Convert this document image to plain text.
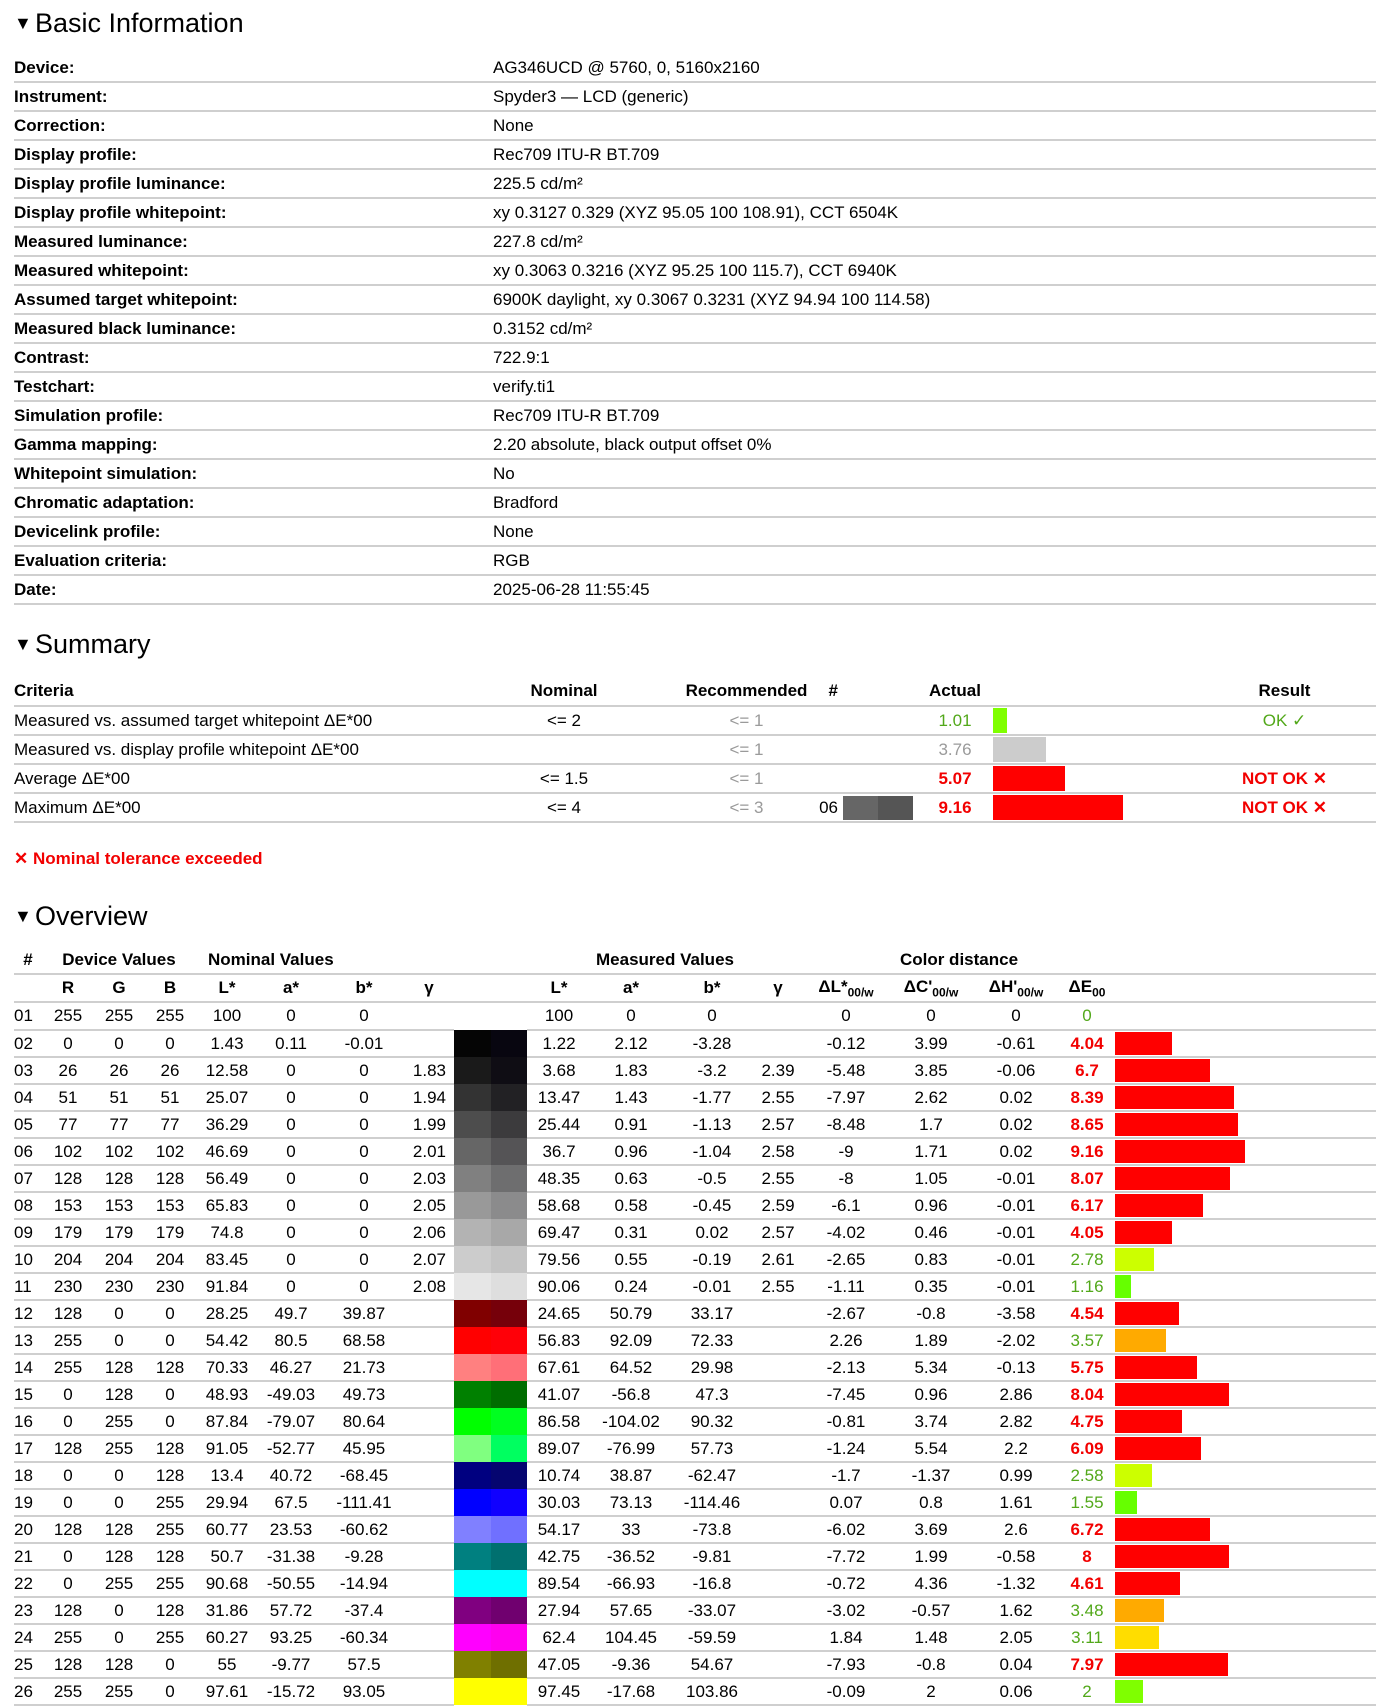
▼ Basic Information
Device:	AG346UCD @ 5760, 0, 5160x2160
Instrument:	Spyder3 — LCD (generic)
Correction:	None
Display profile:	Rec709 ITU-R BT.709
Display profile luminance:	225.5 cd/m²
Display profile whitepoint:	xy 0.3127 0.329 (XYZ 95.05 100 108.91), CCT 6504K
Measured luminance:	227.8 cd/m²
Measured whitepoint:	xy 0.3063 0.3216 (XYZ 95.25 100 115.7), CCT 6940K
Assumed target whitepoint:	6900K daylight, xy 0.3067 0.3231 (XYZ 94.94 100 114.58)
Measured black luminance:	0.3152 cd/m²
Contrast:	722.9:1
Testchart:	verify.ti1
Simulation profile:	Rec709 ITU-R BT.709
Gamma mapping:	2.20 absolute, black output offset 0%
Whitepoint simulation:	No
Chromatic adaptation:	Bradford
Devicelink profile:	None
Evaluation criteria:	RGB
Date:	2025-06-28 11:55:45
▼ Summary
Criteria	Nominal	Recommended	#		Actual		Result
Measured vs. assumed target whitepoint ΔE*00	<= 2	<= 1			1.01		OK ✓
Measured vs. display profile whitepoint ΔE*00		<= 1			3.76	

Average ΔE*00	<= 1.5	<= 1			5.07		NOT OK ✕
Maximum ΔE*00	<= 4	<= 3	06		9.16		NOT OK ✕
✕ Nominal tolerance exceeded
▼ Overview
#	Device Values			Nominal Values					Measured Values				Color distance				
	R	G	B	L*	a*	b*	γ		L*	a*	b*	γ	$\Delta L*_{00/w}$	$\Delta C'_{00/w}$	$\Delta H'_{00/w}$	$\Delta E_{00}$	
01	255	255	255	100	0	0			100	0	0		0	0	0	0	
02	0	0	0	1.43	0.11	-0.01			1.22	2.12	-3.28		-0.12	3.99	-0.61	4.04	

03	26	26	26	12.58	0	0	1.83		3.68	1.83	-3.2	2.39	-5.48	3.85	-0.06	6.7	

04	51	51	51	25.07	0	0	1.94		13.47	1.43	-1.77	2.55	-7.97	2.62	0.02	8.39	

05	77	77	77	36.29	0	0	1.99		25.44	0.91	-1.13	2.57	-8.48	1.7	0.02	8.65	

06	102	102	102	46.69	0	0	2.01		36.7	0.96	-1.04	2.58	-9	1.71	0.02	9.16	

07	128	128	128	56.49	0	0	2.03		48.35	0.63	-0.5	2.55	-8	1.05	-0.01	8.07	

08	153	153	153	65.83	0	0	2.05		58.68	0.58	-0.45	2.59	-6.1	0.96	-0.01	6.17	

09	179	179	179	74.8	0	0	2.06		69.47	0.31	0.02	2.57	-4.02	0.46	-0.01	4.05	

10	204	204	204	83.45	0	0	2.07		79.56	0.55	-0.19	2.61	-2.65	0.83	-0.01	2.78	

11	230	230	230	91.84	0	0	2.08		90.06	0.24	-0.01	2.55	-1.11	0.35	-0.01	1.16	

12	128	0	0	28.25	49.7	39.87			24.65	50.79	33.17		-2.67	-0.8	-3.58	4.54	

13	255	0	0	54.42	80.5	68.58			56.83	92.09	72.33		2.26	1.89	-2.02	3.57	

14	255	128	128	70.33	46.27	21.73			67.61	64.52	29.98		-2.13	5.34	-0.13	5.75	

15	0	128	0	48.93	-49.03	49.73			41.07	-56.8	47.3		-7.45	0.96	2.86	8.04	

16	0	255	0	87.84	-79.07	80.64			86.58	-104.02	90.32		-0.81	3.74	2.82	4.75	

17	128	255	128	91.05	-52.77	45.95			89.07	-76.99	57.73		-1.24	5.54	2.2	6.09	

18	0	0	128	13.4	40.72	-68.45			10.74	38.87	-62.47		-1.7	-1.37	0.99	2.58	

19	0	0	255	29.94	67.5	-111.41			30.03	73.13	-114.46		0.07	0.8	1.61	1.55	

20	128	128	255	60.77	23.53	-60.62			54.17	33	-73.8		-6.02	3.69	2.6	6.72	

21	0	128	128	50.7	-31.38	-9.28			42.75	-36.52	-9.81		-7.72	1.99	-0.58	8	

22	0	255	255	90.68	-50.55	-14.94			89.54	-66.93	-16.8		-0.72	4.36	-1.32	4.61	

23	128	0	128	31.86	57.72	-37.4			27.94	57.65	-33.07		-3.02	-0.57	1.62	3.48	

24	255	0	255	60.27	93.25	-60.34			62.4	104.45	-59.59		1.84	1.48	2.05	3.11	

25	128	128	0	55	-9.77	57.5			47.05	-9.36	54.67		-7.93	-0.8	0.04	7.97	

26	255	255	0	97.61	-15.72	93.05			97.45	-17.68	103.86		-0.09	2	0.06	2	
